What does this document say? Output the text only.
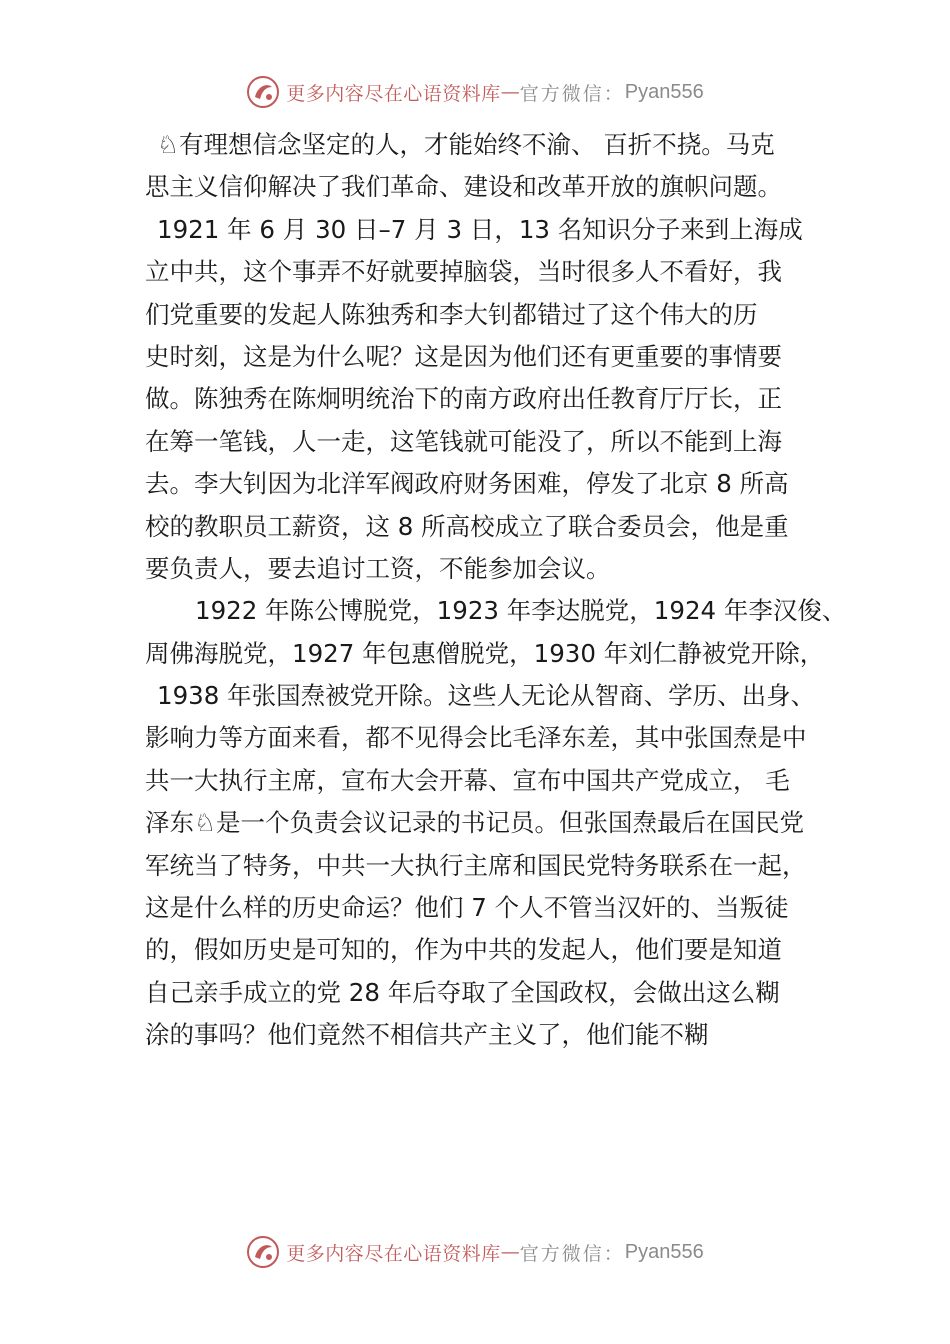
更多内容尽在心语资料库 — 官方微信： Pyan556
♘有理想信念坚定的人，才能始终不渝、 百折不挠。马克
思主义信仰解决了我们革命、建设和改革开放的旗帜问题。
1921 年 6 月 30 日–7 月 3 日，13 名知识分子来到上海成
立中共，这个事弄不好就要掉脑袋，当时很多人不看好，我
们党重要的发起人陈独秀和李大钊都错过了这个伟大的历
史时刻，这是为什么呢？这是因为他们还有更重要的事情要
做。陈独秀在陈炯明统治下的南方政府出任教育厅厅长，正
在筹一笔钱，人一走，这笔钱就可能没了，所以不能到上海
去。李大钊因为北洋军阀政府财务困难，停发了北京 8 所高
校的教职员工薪资，这 8 所高校成立了联合委员会，他是重
要负责人，要去追讨工资，不能参加会议。
1922 年陈公博脱党，1923 年李达脱党，1924 年李汉俊、
周佛海脱党，1927 年包惠僧脱党，1930 年刘仁静被党开除，
1938 年张国焘被党开除。这些人无论从智商、学历、出身、
影响力等方面来看，都不见得会比毛泽东差，其中张国焘是中
共一大执行主席，宣布大会开幕、宣布中国共产党成立， 毛
泽东♘是一个负责会议记录的书记员。但张国焘最后在国民党
军统当了特务，中共一大执行主席和国民党特务联系在一起，
这是什么样的历史命运？他们 7 个人不管当汉奸的、当叛徒
的，假如历史是可知的，作为中共的发起人，他们要是知道
自己亲手成立的党 28 年后夺取了全国政权，会做出这么糊
涂的事吗？他们竟然不相信共产主义了，他们能不糊
更多内容尽在心语资料库 — 官方微信： Pyan556
